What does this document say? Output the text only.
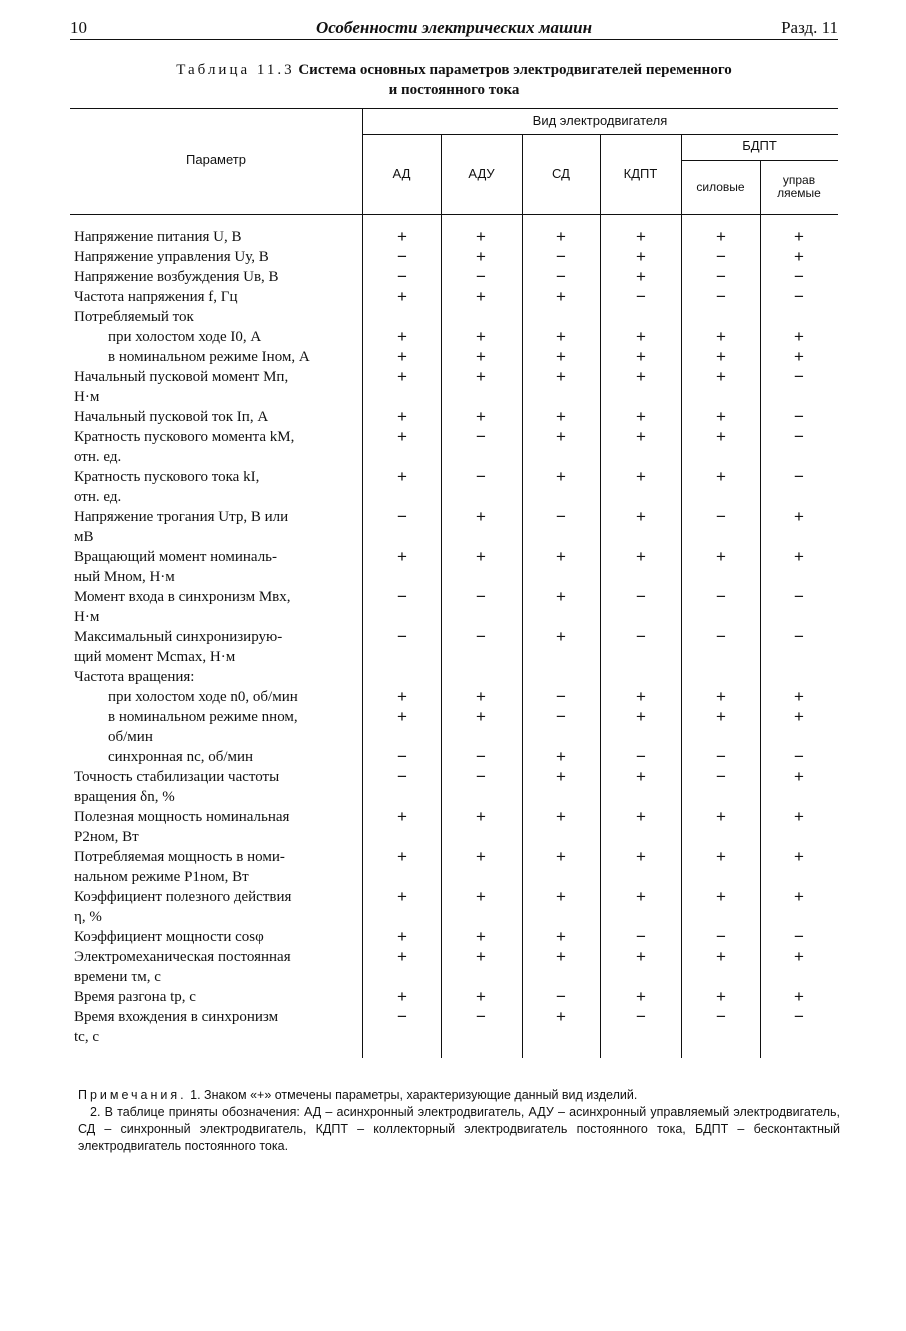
10	Особенности электрических машин	Разд. 11
Таблица 11.3 Система основных параметров электродвигателей переменного
и постоянного тока
Параметр
Вид электродвигателя
АД	АДУ	СД	КДПТ
БДПТ
силовые	управ
ляемые
Напряжение питания U, В	+	+	+	+	+	+
Напряжение управления Uу, В	−	+	−	+	−	+
Напряжение возбуждения Uв, В	−	−	−	+	−	−
Частота напряжения f, Гц	+	+	+	−	−	−
Потребляемый ток
при холостом ходе I0, А	+	+	+	+	+	+
в номинальном режиме Iном, А	+	+	+	+	+	+
Начальный пусковой момент Мп,
Н·м
+	+	+	+	+	−
Начальный пусковой ток Iп, А	+	+	+	+	+	−
Кратность пускового момента kМ,
отн. ед.
+	−	+	+	+	−
Кратность пускового тока kI,
отн. ед.
+	−	+	+	+	−
Напряжение трогания Uтр, В или
мВ
−	+	−	+	−	+
Вращающий момент номиналь-
ный Мном, Н·м
+	+	+	+	+	+
Момент входа в синхронизм Мвх,
Н·м
−	−	+	−	−	−
Максимальный синхронизирую-
щий момент Мсmax, Н·м
−	−	+	−	−	−
Частота вращения:
при холостом ходе n0, об/мин	+	+	−	+	+	+
в номинальном режиме nном,
об/мин
+	+	−	+	+	+
синхронная nс, об/мин	−	−	+	−	−	−
Точность стабилизации частоты
вращения δn, %
−	−	+	+	−	+
Полезная мощность номинальная
Р2ном, Вт
+	+	+	+	+	+
Потребляемая мощность в номи-
нальном режиме Р1ном, Вт
+	+	+	+	+	+
Коэффициент полезного действия
η, %
+	+	+	+	+	+
Коэффициент мощности cosφ	+	+	+	−	−	−
Электромеханическая постоянная
времени τм, с
+	+	+	+	+	+
Время разгона tр, с	+	+	−	+	+	+
Время вхождения в синхронизм
tс, с
−	−	+	−	−	−

Примечания. 1. Знаком «+» отмечены параметры, характеризующие данный вид изделий.

2. В таблице приняты обозначения: АД – асинхронный электродвигатель, АДУ – асинхронный управляемый электродвигатель, СД – синхронный электродвигатель, КДПТ – коллекторный электродвигатель постоянного тока, БДПТ – бесконтактный электродвигатель постоянного тока.
